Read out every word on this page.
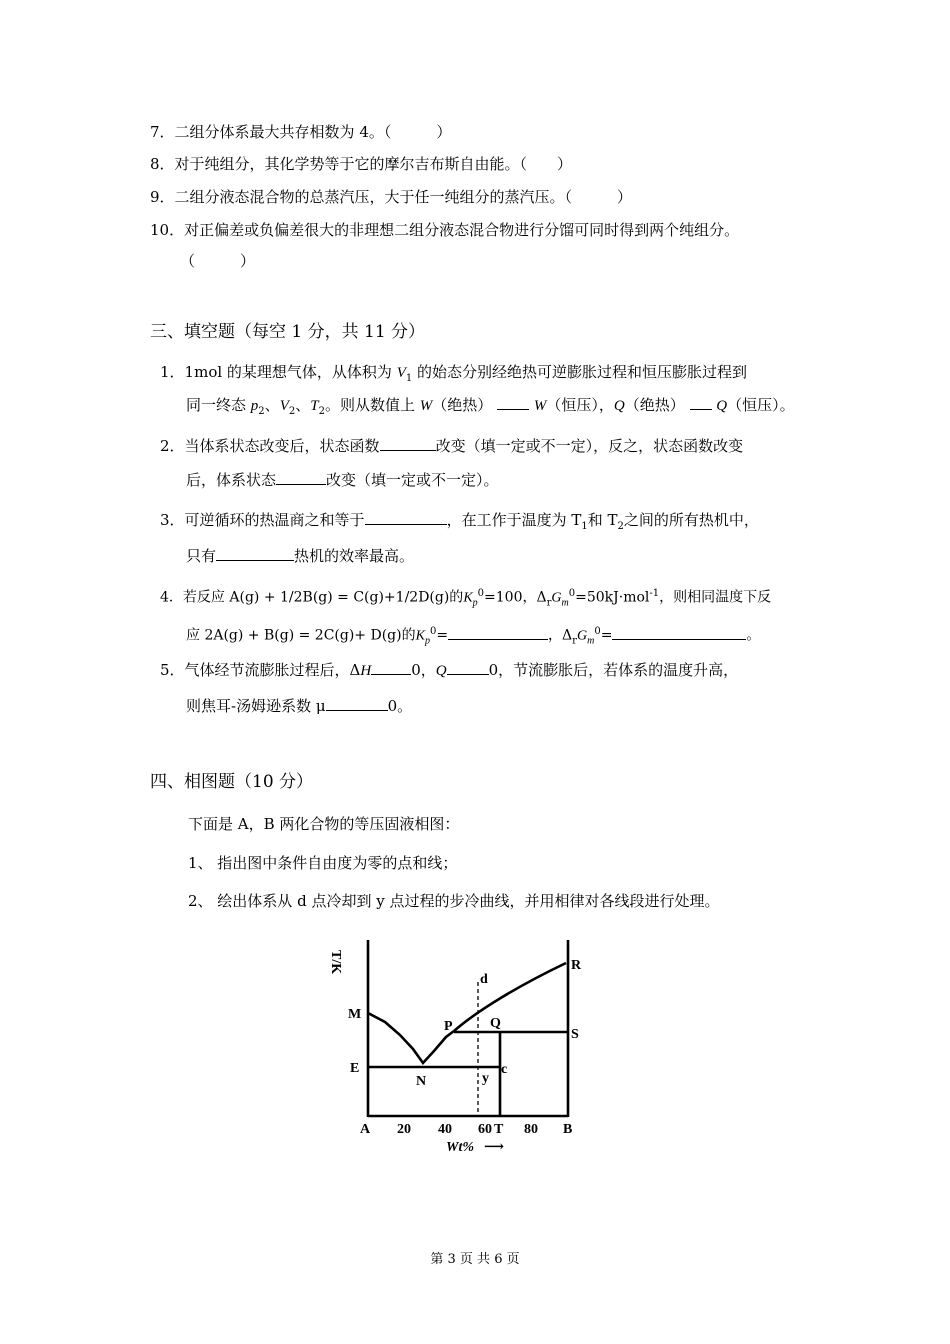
7．二组分体系最大共存相数为 4。（　　　）
8．对于纯组分，其化学势等于它的摩尔吉布斯自由能。（　　）
9．二组分液态混合物的总蒸汽压，大于任一纯组分的蒸汽压。（　　　）
10．对正偏差或负偏差很大的非理想二组分液态混合物进行分馏可同时得到两个纯组分。
（　　　）
三、填空题（每空 1 分，共 11 分）
1．1mol 的某理想气体，从体积为 $V_1$ 的始态分别经绝热可逆膨胀过程和恒压膨胀过程到
同一终态 $p_2$、$V_2$、$T_2$。则从数值上 W（绝热）	W（恒压），Q（绝热） Q（恒压）。
2．当体系状态改变后，状态函数	改变（填一定或不一定），反之，状态函数改变
后，体系状态	改变（填一定或不一定）。
3．可逆循环的热温商之和等于	，在工作于温度为 $T_1$和 $T_2$之间的所有热机中，
只有	热机的效率最高。
4．若反应 A(g) + 1/2B(g) = C(g)+1/2D(g)的$K_p^0=100$，$\Delta_rG_m^0=50kJ\cdot mol^{-1}$，则相同温度下反
应 2A(g) + B(g) = 2C(g)+ D(g)的$K_p^0=$	，$\Delta_rG_m^0=$	。
5．气体经节流膨胀过程后，ΔH	0，Q	0，节流膨胀后，若体系的温度升高，
则焦耳-汤姆逊系数 μ	0。
四、相图题（10 分）
下面是 A，B 两化合物的等压固液相图：
1、 指出图中条件自由度为零的点和线；
2、 绘出体系从 d 点冷却到 y 点过程的步冷曲线，并用相律对各线段进行处理。
T/K
M
E
N
P	Q
S
R
d
y
c
A 20 40 60 T 80 B
Wt% ⟶
第 3 页 共 6 页
